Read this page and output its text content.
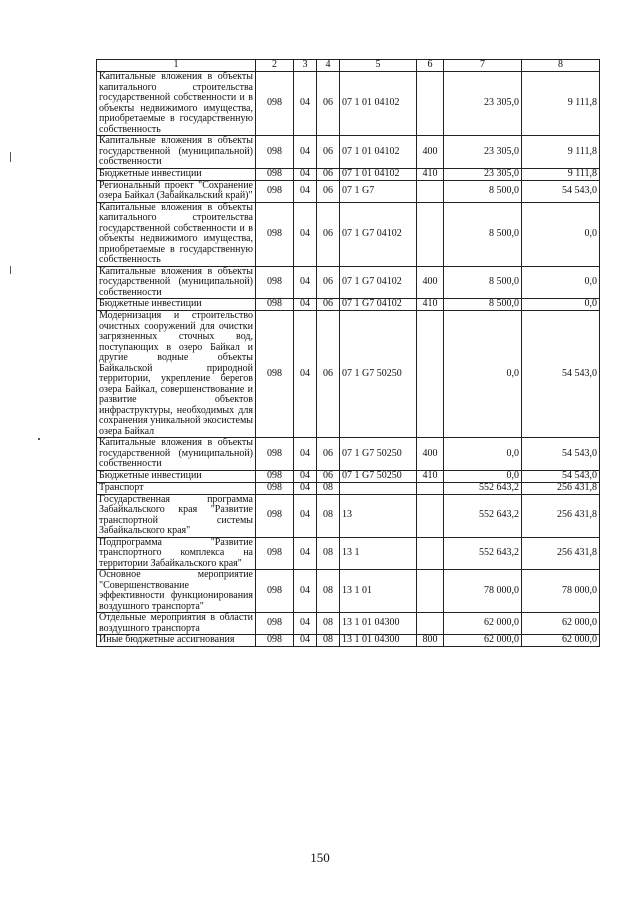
1	2	3	4	5	6	7	8
Капитальные вложения в объекты капитального строительства государственной собственности и в объекты недвижимого имущества, приобретаемые в государственную собственность	098	04	06	07 1 01 04102		23 305,0	9 111,8
Капитальные вложения в объекты государственной (муниципальной) собственности	098	04	06	07 1 01 04102	400	23 305,0	9 111,8
Бюджетные инвестиции	098	04	06	07 1 01 04102	410	23 305,0	9 111,8
Региональный проект "Сохранение озера Байкал (Забайкальский край)"	098	04	06	07 1 G7		8 500,0	54 543,0
Капитальные вложения в объекты капитального строительства государственной собственности и в объекты недвижимого имущества, приобретаемые в государственную собственность	098	04	06	07 1 G7 04102		8 500,0	0,0
Капитальные вложения в объекты государственной (муниципальной) собственности	098	04	06	07 1 G7 04102	400	8 500,0	0,0
Бюджетные инвестиции	098	04	06	07 1 G7 04102	410	8 500,0	0,0
Модернизация и строительство очистных сооружений для очистки загрязненных сточных вод, поступающих в озеро Байкал и другие водные объекты Байкальской природной территории, укрепление берегов озера Байкал, совершенствование и развитие объектов инфраструктуры, необходимых для сохранения уникальной экосистемы озера Байкал	098	04	06	07 1 G7 50250		0,0	54 543,0
Капитальные вложения в объекты государственной (муниципальной) собственности	098	04	06	07 1 G7 50250	400	0,0	54 543,0
Бюджетные инвестиции	098	04	06	07 1 G7 50250	410	0,0	54 543,0
Транспорт	098	04	08			552 643,2	256 431,8
Государственная программа Забайкальского края "Развитие транспортной системы Забайкальского края"	098	04	08	13		552 643,2	256 431,8
Подпрограмма "Развитие транспортного комплекса на территории Забайкальского края"	098	04	08	13 1		552 643,2	256 431,8
Основное мероприятие "Совершенствование эффективности функционирования воздушного транспорта"	098	04	08	13 1 01		78 000,0	78 000,0
Отдельные мероприятия в области воздушного транспорта	098	04	08	13 1 01 04300		62 000,0	62 000,0
Иные бюджетные ассигнования	098	04	08	13 1 01 04300	800	62 000,0	62 000,0
150
